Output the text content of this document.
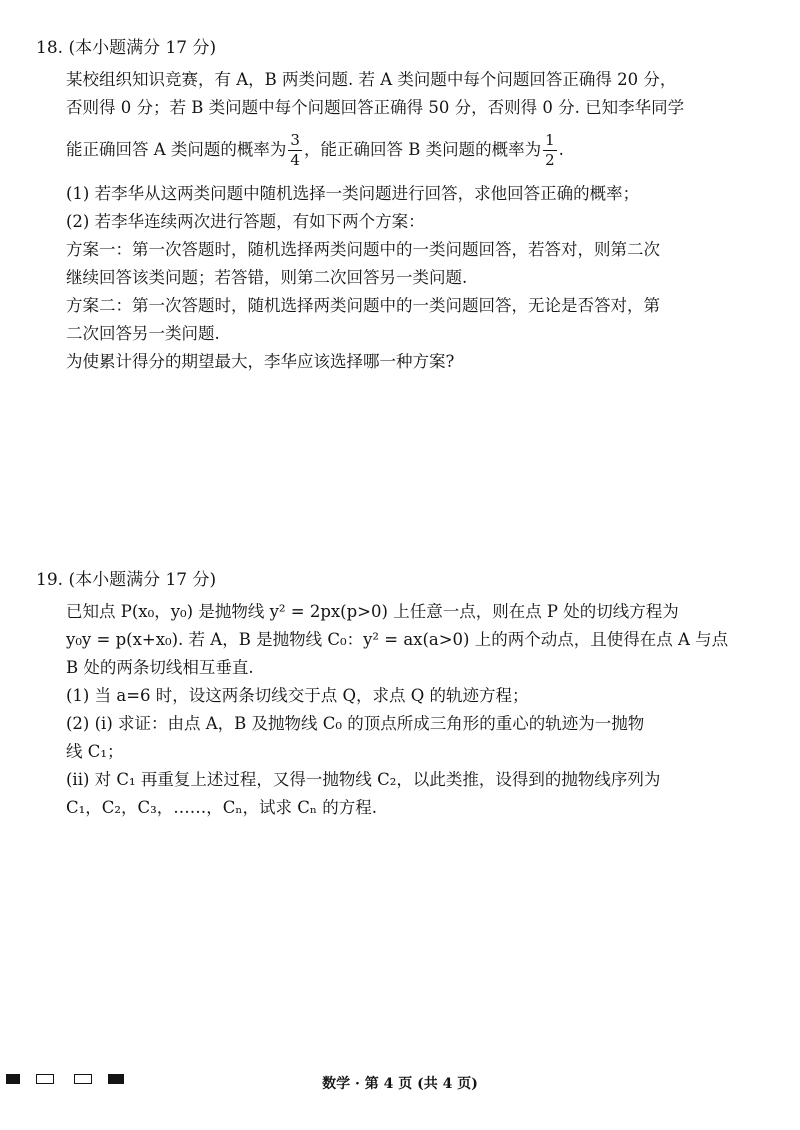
18. (本小题满分 17 分)

某校组织知识竞赛，有 A，B 两类问题. 若 A 类问题中每个问题回答正确得 20 分，

否则得 0 分；若 B 类问题中每个问题回答正确得 50 分，否则得 0 分. 已知李华同学

能正确回答 A 类问题的概率为 $\frac{3}{4}$ ，能正确回答 B 类问题的概率为 $\frac{1}{2}$ .

(1) 若李华从这两类问题中随机选择一类问题进行回答，求他回答正确的概率；

(2) 若李华连续两次进行答题，有如下两个方案：

方案一：第一次答题时，随机选择两类问题中的一类问题回答，若答对，则第二次

继续回答该类问题；若答错，则第二次回答另一类问题.

方案二：第一次答题时，随机选择两类问题中的一类问题回答，无论是否答对，第

二次回答另一类问题.

为使累计得分的期望最大，李华应该选择哪一种方案?

19. (本小题满分 17 分)

已知点 P(x₀，y₀) 是抛物线 y² = 2px(p>0) 上任意一点，则在点 P 处的切线方程为

y₀y = p(x+x₀). 若 A，B 是抛物线 C₀：y² = ax(a>0) 上的两个动点，且使得在点 A 与点

B 处的两条切线相互垂直.

(1) 当 a=6 时，设这两条切线交于点 Q，求点 Q 的轨迹方程；

(2) (i) 求证：由点 A，B 及抛物线 C₀ 的顶点所成三角形的重心的轨迹为一抛物

线 C₁；

(ii) 对 C₁ 再重复上述过程，又得一抛物线 C₂，以此类推，设得到的抛物线序列为

C₁，C₂，C₃，……，Cₙ，试求 Cₙ 的方程.

数学 · 第 4 页 (共 4 页)
